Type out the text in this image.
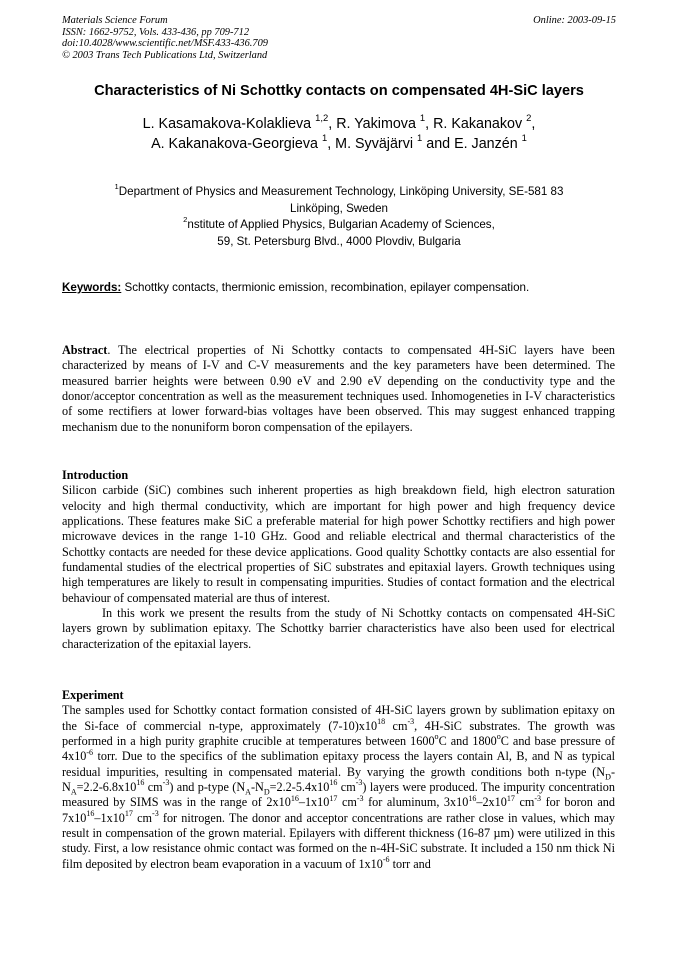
Materials Science Forum
ISSN: 1662-9752, Vols. 433-436, pp 709-712
doi:10.4028/www.scientific.net/MSF.433-436.709
© 2003 Trans Tech Publications Ltd, Switzerland
Online: 2003-09-15
Characteristics of Ni Schottky contacts on compensated 4H-SiC layers
L. Kasamakova-Kolaklieva $^{1,2}$, R. Yakimova $^1$, R. Kakanakov $^2$,
A. Kakanakova-Georgieva $^1$, M. Syväjärvi $^1$ and E. Janzén $^1$
$^1$Department of Physics and Measurement Technology, Linköping University, SE-581 83
Linköping, Sweden
$^2$nstitute of Applied Physics, Bulgarian Academy of Sciences,
59, St. Petersburg Blvd., 4000 Plovdiv, Bulgaria
Keywords: Schottky contacts, thermionic emission, recombination, epilayer compensation.
Abstract. The electrical properties of Ni Schottky contacts to compensated 4H-SiC layers have been characterized by means of I-V and C-V measurements and the key parameters have been determined. The measured barrier heights were between 0.90 eV and 2.90 eV depending on the conductivity type and the donor/acceptor concentration as well as the measurement techniques used. Inhomogeneties in I-V characteristics of some rectifiers at lower forward-bias voltages have been observed. This may suggest enhanced trapping mechanism due to the nonuniform boron compensation of the epilayers.
Introduction
Silicon carbide (SiC) combines such inherent properties as high breakdown field, high electron saturation velocity and high thermal conductivity, which are important for high power and high frequency device applications. These features make SiC a preferable material for high power Schottky rectifiers and high power microwave devices in the range 1-10 GHz. Good and reliable electrical and thermal characteristics of the Schottky contacts are needed for these device applications. Good quality Schottky contacts are also essential for fundamental studies of the electrical properties of SiC substrates and epitaxial layers. Growth techniques using high temperatures are likely to result in compensating impurities. Studies of contact formation and the electrical behaviour of compensated material are thus of interest.
In this work we present the results from the study of Ni Schottky contacts on compensated 4H-SiC layers grown by sublimation epitaxy. The Schottky barrier characteristics have also been used for electrical characterization of the epitaxial layers.
Experiment
The samples used for Schottky contact formation consisted of 4H-SiC layers grown by sublimation epitaxy on the Si-face of commercial n-type, approximately $(7-10)x10^{18}$ $cm^{-3}$, 4H-SiC substrates. The growth was performed in a high purity graphite crucible at temperatures between 1600$^o$C and 1800$^o$C and base pressure of $4x10^{-6}$ torr. Due to the specifics of the sublimation epitaxy process the layers contain Al, B, and N as typical residual impurities, resulting in compensated material. By varying the growth conditions both n-type ($N_D-N_A=2.2-6.8x10^{16}$ $cm^{-3}$) and p-type ($N_A-N_D=2.2-5.4x10^{16}$ $cm^{-3}$) layers were produced. The impurity concentration measured by SIMS was in the range of $2x10^{16}-1x10^{17}$ $cm^{-3}$ for aluminum, $3x10^{16}-2x10^{17}$ $cm^{-3}$ for boron and $7x10^{16}-1x10^{17}$ $cm^{-3}$ for nitrogen. The donor and acceptor concentrations are rather close in values, which may result in compensation of the grown material. Epilayers with different thickness (16-87 µm) were utilized in this study. First, a low resistance ohmic contact was formed on the n-4H-SiC substrate. It included a 150 nm thick Ni film deposited by electron beam evaporation in a vacuum of $1x10^{-6}$ torr and
